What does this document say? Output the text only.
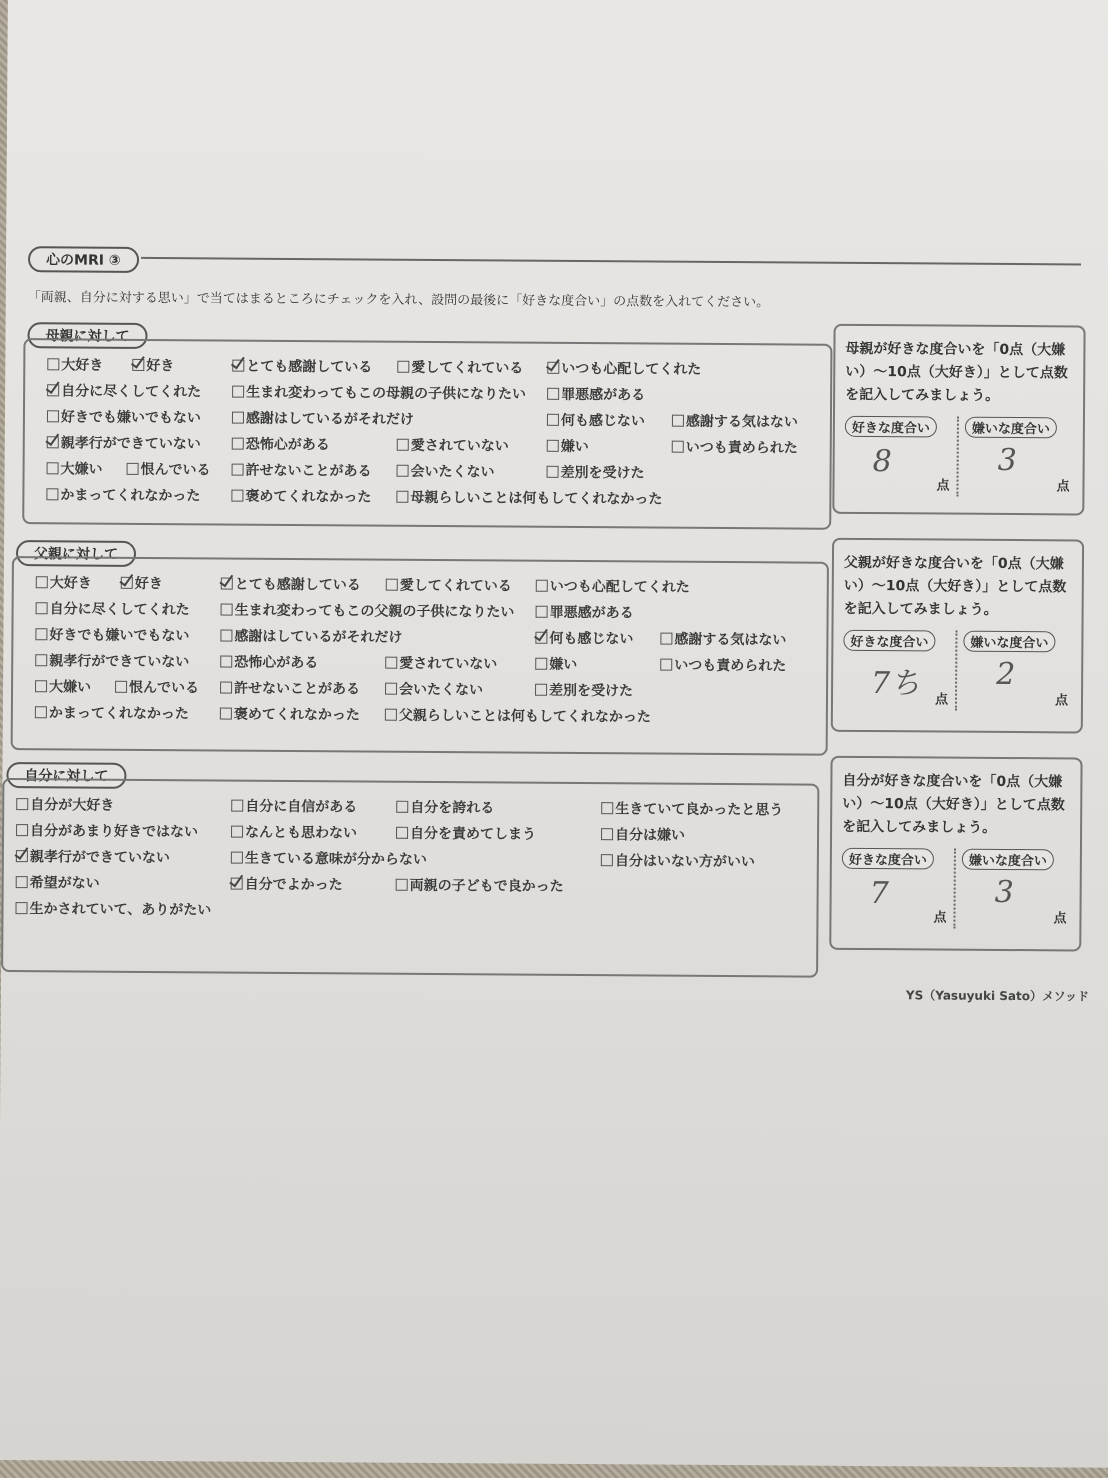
心のMRI ③
「両親、自分に対する思い」で当てはまるところにチェックを入れ、設問の最後に「好きな度合い」の点数を入れてください。
母親に対して
大好き	好き	とても感謝している	愛してくれている	いつも心配してくれた
自分に尽くしてくれた	生まれ変わってもこの母親の子供になりたい	罪悪感がある
好きでも嫌いでもない	感謝はしているがそれだけ	何も感じない	感謝する気はない
親孝行ができていない	恐怖心がある	愛されていない	嫌い	いつも責められた
大嫌い	恨んでいる	許せないことがある	会いたくない	差別を受けた
かまってくれなかった	褒めてくれなかった	母親らしいことは何もしてくれなかった
母親が好きな度合いを「0点（大嫌
い）～10点（大好き）」として点数
を記入してみましょう。
好きな度合い	嫌いな度合い
8
点
3
点
父親に対して
大好き	好き	とても感謝している	愛してくれている	いつも心配してくれた
自分に尽くしてくれた	生まれ変わってもこの父親の子供になりたい	罪悪感がある
好きでも嫌いでもない	感謝はしているがそれだけ	何も感じない	感謝する気はない
親孝行ができていない	恐怖心がある	愛されていない	嫌い	いつも責められた
大嫌い	恨んでいる	許せないことがある	会いたくない	差別を受けた
かまってくれなかった	褒めてくれなかった	父親らしいことは何もしてくれなかった
父親が好きな度合いを「0点（大嫌
い）～10点（大好き）」として点数
を記入してみましょう。
好きな度合い	嫌いな度合い
7ち 点
2
点
自分に対して
自分が大好き	自分に自信がある	自分を誇れる	生きていて良かったと思う
自分があまり好きではない	なんとも思わない	自分を責めてしまう	自分は嫌い
親孝行ができていない	生きている意味が分からない	自分はいない方がいい
希望がない	自分でよかった	両親の子どもで良かった
生かされていて、ありがたい
自分が好きな度合いを「0点（大嫌
い）～10点（大好き）」として点数
を記入してみましょう。
好きな度合い	嫌いな度合い
7
点
3
点
YS（Yasuyuki Sato）メソッド
